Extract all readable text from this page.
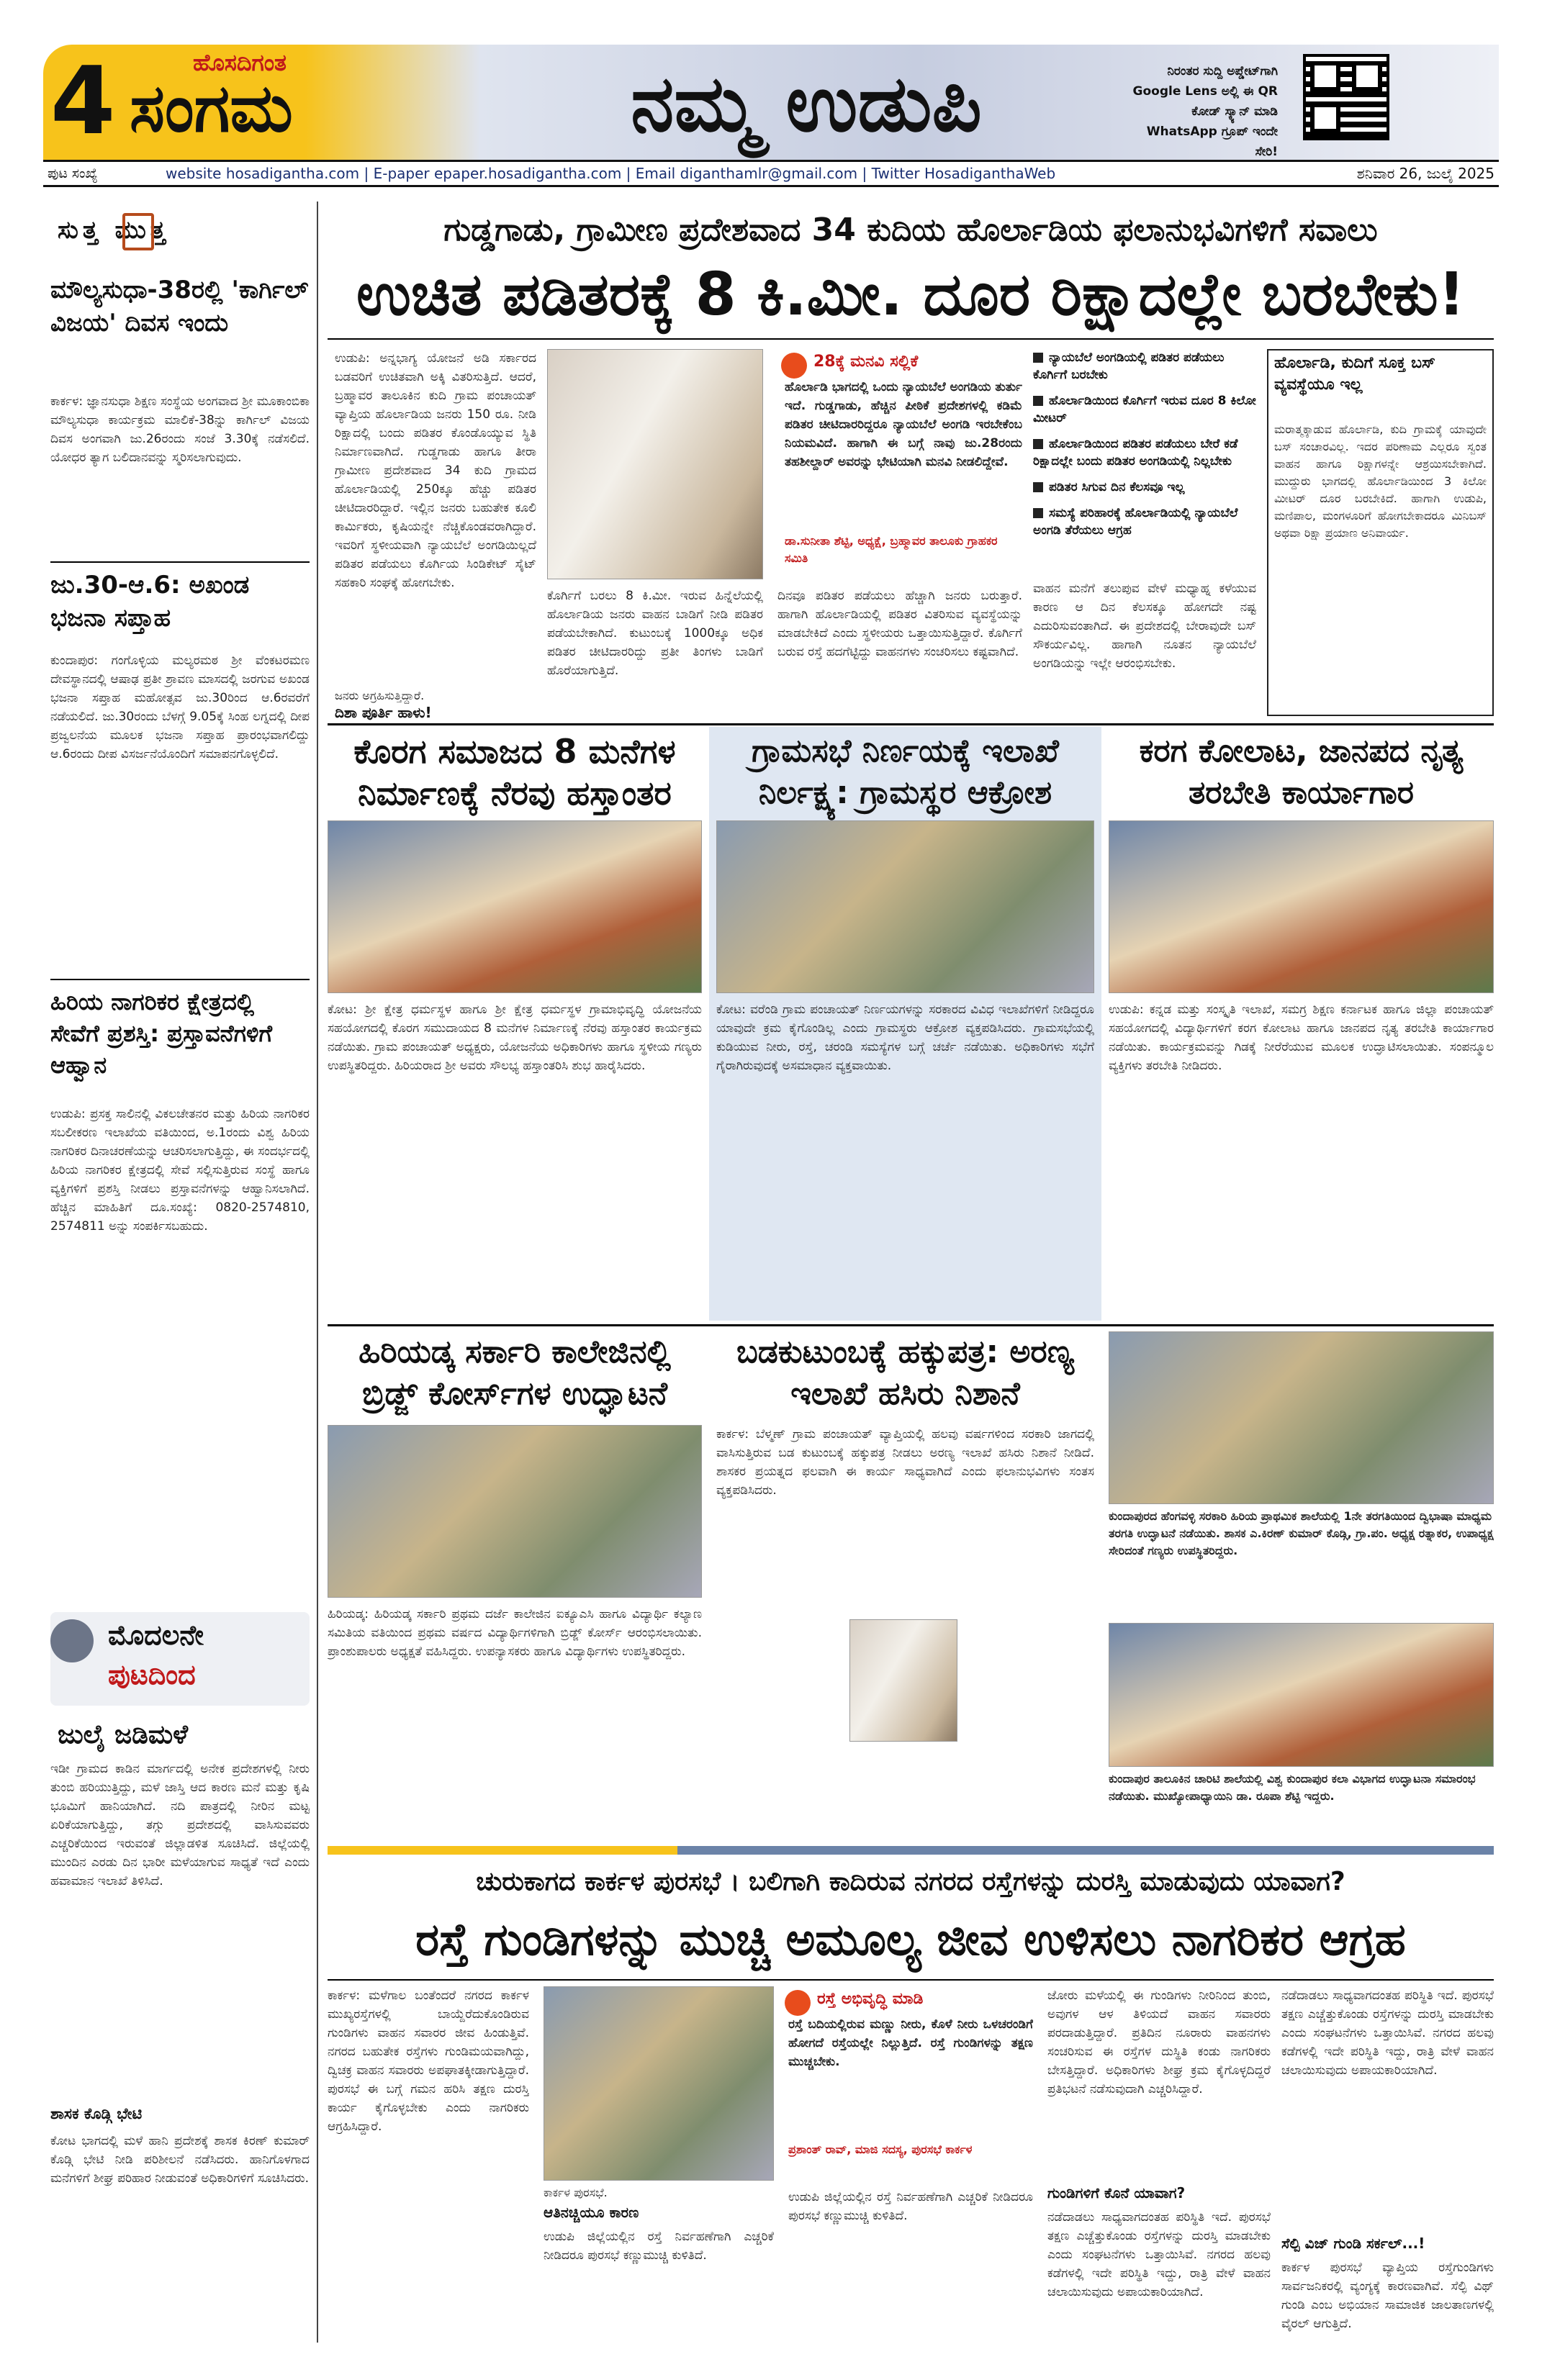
4	ಹೊಸದಿಗಂತ
ಸಂಗಮ	ನಮ್ಮ ಉಡುಪಿ	ನಿರಂತರ ಸುದ್ದಿ ಅಪ್ಡೇಟ್‌ಗಾಗಿ Google Lens ಅಲ್ಲಿ ಈ QR ಕೋಡ್ ಸ್ಕ್ಯಾನ್ ಮಾಡಿ WhatsApp ಗ್ರೂಪ್ ಇಂದೇ ಸೇರಿ!
ಪುಟ ಸಂಖ್ಯೆ	website hosadigantha.com | E-paper epaper.hosadigantha.com | Email diganthamlr@gmail.com | Twitter HosadiganthaWeb	ಶನಿವಾರ 26, ಜುಲೈ 2025
ಸುತ್ತ ಮುತ್ತ
ಮೌಲ್ಯಸುಧಾ-38ರಲ್ಲಿ 'ಕಾರ್ಗಿಲ್ ವಿಜಯ' ದಿವಸ ಇಂದು
ಕಾರ್ಕಳ: ಜ್ಞಾನಸುಧಾ ಶಿಕ್ಷಣ ಸಂಸ್ಥೆಯ ಅಂಗವಾದ ಶ್ರೀ ಮೂಕಾಂಬಿಕಾ ಮೌಲ್ಯಸುಧಾ ಕಾರ್ಯಕ್ರಮ ಮಾಲಿಕೆ-38ನ್ನು ಕಾರ್ಗಿಲ್ ವಿಜಯ ದಿವಸ ಅಂಗವಾಗಿ ಜು.26ರಂದು ಸಂಜೆ 3.30ಕ್ಕೆ ನಡೆಸಲಿದೆ. ಯೋಧರ ತ್ಯಾಗ ಬಲಿದಾನವನ್ನು ಸ್ಮರಿಸಲಾಗುವುದು.
ಜು.30-ಆ.6: ಅಖಂಡ ಭಜನಾ ಸಪ್ತಾಹ
ಕುಂದಾಪುರ: ಗಂಗೊಳ್ಳಿಯ ಮಲ್ಯರಮಠ ಶ್ರೀ ವೆಂಕಟರಮಣ ದೇವಸ್ಥಾನದಲ್ಲಿ ಆಷಾಢ ಪ್ರತೀ ಶ್ರಾವಣ ಮಾಸದಲ್ಲಿ ಜರಗುವ ಅಖಂಡ ಭಜನಾ ಸಪ್ತಾಹ ಮಹೋತ್ಸವ ಜು.30ರಿಂದ ಆ.6ರವರೆಗೆ ನಡೆಯಲಿದೆ. ಜು.30ರಂದು ಬೆಳಗ್ಗೆ 9.05ಕ್ಕೆ ಸಿಂಹ ಲಗ್ನದಲ್ಲಿ ದೀಪ ಪ್ರಜ್ವಲನೆಯ ಮೂಲಕ ಭಜನಾ ಸಪ್ತಾಹ ಪ್ರಾರಂಭವಾಗಲಿದ್ದು ಆ.6ರಂದು ದೀಪ ವಿಸರ್ಜನೆಯೊಂದಿಗೆ ಸಮಾಪನಗೊಳ್ಳಲಿದೆ.
ಹಿರಿಯ ನಾಗರಿಕರ ಕ್ಷೇತ್ರದಲ್ಲಿ ಸೇವೆಗೆ ಪ್ರಶಸ್ತಿ: ಪ್ರಸ್ತಾವನೆಗಳಿಗೆ ಆಹ್ವಾನ
ಉಡುಪಿ: ಪ್ರಸಕ್ತ ಸಾಲಿನಲ್ಲಿ ವಿಕಲಚೇತನರ ಮತ್ತು ಹಿರಿಯ ನಾಗರಿಕರ ಸಬಲೀಕರಣ ಇಲಾಖೆಯ ವತಿಯಿಂದ, ಅ.1ರಂದು ವಿಶ್ವ ಹಿರಿಯ ನಾಗರಿಕರ ದಿನಾಚರಣೆಯನ್ನು ಆಚರಿಸಲಾಗುತ್ತಿದ್ದು, ಈ ಸಂದರ್ಭದಲ್ಲಿ ಹಿರಿಯ ನಾಗರಿಕರ ಕ್ಷೇತ್ರದಲ್ಲಿ ಸೇವೆ ಸಲ್ಲಿಸುತ್ತಿರುವ ಸಂಸ್ಥೆ ಹಾಗೂ ವ್ಯಕ್ತಿಗಳಿಗೆ ಪ್ರಶಸ್ತಿ ನೀಡಲು ಪ್ರಸ್ತಾವನೆಗಳನ್ನು ಆಹ್ವಾನಿಸಲಾಗಿದೆ. ಹೆಚ್ಚಿನ ಮಾಹಿತಿಗೆ ದೂ.ಸಂಖ್ಯೆ: 0820-2574810, 2574811 ಅನ್ನು ಸಂಪರ್ಕಿಸಬಹುದು.
ಮೊದಲನೇ
ಪುಟದಿಂದ
ಜುಲೈ ಜಡಿಮಳೆ
ಇಡೀ ಗ್ರಾಮದ ಕಾಡಿನ ಮಾರ್ಗದಲ್ಲಿ ಅನೇಕ ಪ್ರದೇಶಗಳಲ್ಲಿ ನೀರು ತುಂಬಿ ಹರಿಯುತ್ತಿದ್ದು, ಮಳೆ ಜಾಸ್ತಿ ಆದ ಕಾರಣ ಮನೆ ಮತ್ತು ಕೃಷಿ ಭೂಮಿಗೆ ಹಾನಿಯಾಗಿದೆ. ನದಿ ಪಾತ್ರದಲ್ಲಿ ನೀರಿನ ಮಟ್ಟ ಏರಿಕೆಯಾಗುತ್ತಿದ್ದು, ತಗ್ಗು ಪ್ರದೇಶದಲ್ಲಿ ವಾಸಿಸುವವರು ಎಚ್ಚರಿಕೆಯಿಂದ ಇರುವಂತೆ ಜಿಲ್ಲಾಡಳಿತ ಸೂಚಿಸಿದೆ. ಜಿಲ್ಲೆಯಲ್ಲಿ ಮುಂದಿನ ಎರಡು ದಿನ ಭಾರೀ ಮಳೆಯಾಗುವ ಸಾಧ್ಯತೆ ಇದೆ ಎಂದು ಹವಾಮಾನ ಇಲಾಖೆ ತಿಳಿಸಿದೆ.
ಶಾಸಕ ಕೊಡ್ಗಿ ಭೇಟಿ
ಕೋಟ ಭಾಗದಲ್ಲಿ ಮಳೆ ಹಾನಿ ಪ್ರದೇಶಕ್ಕೆ ಶಾಸಕ ಕಿರಣ್ ಕುಮಾರ್ ಕೊಡ್ಗಿ ಭೇಟಿ ನೀಡಿ ಪರಿಶೀಲನೆ ನಡೆಸಿದರು. ಹಾನಿಗೊಳಗಾದ ಮನೆಗಳಿಗೆ ಶೀಘ್ರ ಪರಿಹಾರ ನೀಡುವಂತೆ ಅಧಿಕಾರಿಗಳಿಗೆ ಸೂಚಿಸಿದರು.
ಗುಡ್ಡಗಾಡು, ಗ್ರಾಮೀಣ ಪ್ರದೇಶವಾದ 34 ಕುದಿಯ ಹೊರ್ಲಾಡಿಯ ಫಲಾನುಭವಿಗಳಿಗೆ ಸವಾಲು
ಉಚಿತ ಪಡಿತರಕ್ಕೆ 8 ಕಿ.ಮೀ. ದೂರ ರಿಕ್ಷಾದಲ್ಲೇ ಬರಬೇಕು!
ಉಡುಪಿ: ಅನ್ನಭಾಗ್ಯ ಯೋಜನೆ ಅಡಿ ಸರ್ಕಾರದ ಬಡವರಿಗೆ ಉಚಿತವಾಗಿ ಅಕ್ಕಿ ವಿತರಿಸುತ್ತಿದೆ. ಆದರೆ, ಬ್ರಹ್ಮಾವರ ತಾಲೂಕಿನ ಕುದಿ ಗ್ರಾಮ ಪಂಚಾಯತ್ ವ್ಯಾಪ್ತಿಯ ಹೊರ್ಲಾಡಿಯ ಜನರು 150 ರೂ. ನೀಡಿ ರಿಕ್ಷಾದಲ್ಲಿ ಬಂದು ಪಡಿತರ ಕೊಂಡೊಯ್ಯುವ ಸ್ಥಿತಿ ನಿರ್ಮಾಣವಾಗಿದೆ. ಗುಡ್ಡಗಾಡು ಹಾಗೂ ತೀರಾ ಗ್ರಾಮೀಣ ಪ್ರದೇಶವಾದ 34 ಕುದಿ ಗ್ರಾಮದ ಹೊರ್ಲಾಡಿಯಲ್ಲಿ 250ಕ್ಕೂ ಹೆಚ್ಚು ಪಡಿತರ ಚೀಟಿದಾರರಿದ್ದಾರೆ. ಇಲ್ಲಿನ ಜನರು ಬಹುತೇಕ ಕೂಲಿ ಕಾರ್ಮಿಕರು, ಕೃಷಿಯನ್ನೇ ನೆಚ್ಚಿಕೊಂಡವರಾಗಿದ್ದಾರೆ. ಇವರಿಗೆ ಸ್ಥಳೀಯವಾಗಿ ನ್ಯಾಯಬೆಲೆ ಅಂಗಡಿಯಿಲ್ಲದೆ ಪಡಿತರ ಪಡೆಯಲು ಕೊರ್ಗಿಯ ಸಿಂಡಿಕೇಟ್ ಸೈಟ್ ಸಹಕಾರಿ ಸಂಘಕ್ಕೆ ಹೋಗಬೇಕು.
ಕೊರ್ಗಿಗೆ ಬರಲು 8 ಕಿ.ಮೀ. ಇರುವ ಹಿನ್ನೆಲೆಯಲ್ಲಿ ಹೊರ್ಲಾಡಿಯ ಜನರು ವಾಹನ ಬಾಡಿಗೆ ನೀಡಿ ಪಡಿತರ ಪಡೆಯಬೇಕಾಗಿದೆ. ಕುಟುಂಬಕ್ಕೆ 1000ಕ್ಕೂ ಅಧಿಕ ಪಡಿತರ ಚೀಟಿದಾರರಿದ್ದು ಪ್ರತೀ ತಿಂಗಳು ಬಾಡಿಗೆ ಹೊರೆಯಾಗುತ್ತಿದೆ.
ಜನರು ಅಗ್ರಹಿಸುತ್ತಿದ್ದಾರೆ.
ದಿಶಾ ಪೂರ್ತಿ ಹಾಳು!
28ಕ್ಕೆ ಮನವಿ ಸಲ್ಲಿಕೆ
ಹೊರ್ಲಾಡಿ ಭಾಗದಲ್ಲಿ ಒಂದು ನ್ಯಾಯಬೆಲೆ ಅಂಗಡಿಯ ತುರ್ತು ಇದೆ. ಗುಡ್ಡಗಾಡು, ಹೆಚ್ಚಿನ ಪೀಠಿಕೆ ಪ್ರದೇಶಗಳಲ್ಲಿ ಕಡಿಮೆ ಪಡಿತರ ಚೀಟಿದಾರರಿದ್ದರೂ ನ್ಯಾಯಬೆಲೆ ಅಂಗಡಿ ಇರಬೇಕೆಂಬ ನಿಯಮವಿದೆ. ಹಾಗಾಗಿ ಈ ಬಗ್ಗೆ ನಾವು ಜು.28ರಂದು ತಹಶೀಲ್ದಾರ್ ಅವರನ್ನು ಭೇಟಿಯಾಗಿ ಮನವಿ ನೀಡಲಿದ್ದೇವೆ.
ಡಾ.ಸುನೀತಾ ಶೆಟ್ಟಿ, ಅಧ್ಯಕ್ಷೆ, ಬ್ರಹ್ಮಾವರ ತಾಲೂಕು ಗ್ರಾಹಕರ ಸಮಿತಿ
ದಿನವೂ ಪಡಿತರ ಪಡೆಯಲು ಹೆಚ್ಚಾಗಿ ಜನರು ಬರುತ್ತಾರೆ. ಹಾಗಾಗಿ ಹೊರ್ಲಾಡಿಯಲ್ಲಿ ಪಡಿತರ ವಿತರಿಸುವ ವ್ಯವಸ್ಥೆಯನ್ನು ಮಾಡಬೇಕಿದೆ ಎಂದು ಸ್ಥಳೀಯರು ಒತ್ತಾಯಿಸುತ್ತಿದ್ದಾರೆ. ಕೊರ್ಗಿಗೆ ಬರುವ ರಸ್ತೆ ಹದಗೆಟ್ಟಿದ್ದು ವಾಹನಗಳು ಸಂಚರಿಸಲು ಕಷ್ಟವಾಗಿದೆ.
ನ್ಯಾಯಬೆಲೆ ಅಂಗಡಿಯಲ್ಲಿ ಪಡಿತರ ಪಡೆಯಲು ಕೊರ್ಗಿಗೆ ಬರಬೇಕು
ಹೊರ್ಲಾಡಿಯಿಂದ ಕೊರ್ಗಿಗೆ ಇರುವ ದೂರ 8 ಕಿಲೋ ಮೀಟರ್
ಹೊರ್ಲಾಡಿಯಿಂದ ಪಡಿತರ ಪಡೆಯಲು ಬೇರೆ ಕಡೆ ರಿಕ್ಷಾದಲ್ಲೇ ಬಂದು ಪಡಿತರ ಅಂಗಡಿಯಲ್ಲಿ ನಿಲ್ಲಬೇಕು
ಪಡಿತರ ಸಿಗುವ ದಿನ ಕೆಲಸವೂ ಇಲ್ಲ
ಸಮಸ್ಯೆ ಪರಿಹಾರಕ್ಕೆ ಹೊರ್ಲಾಡಿಯಲ್ಲಿ ನ್ಯಾಯಬೆಲೆ ಅಂಗಡಿ ತೆರೆಯಲು ಆಗ್ರಹ
ವಾಹನ ಮನೆಗೆ ತಲುಪುವ ವೇಳೆ ಮಧ್ಯಾಹ್ನ ಕಳೆಯುವ ಕಾರಣ ಆ ದಿನ ಕೆಲಸಕ್ಕೂ ಹೋಗದೇ ನಷ್ಟ ಎದುರಿಸುವಂತಾಗಿದೆ. ಈ ಪ್ರದೇಶದಲ್ಲಿ ಬೇರಾವುದೇ ಬಸ್ ಸೌಕರ್ಯವಿಲ್ಲ. ಹಾಗಾಗಿ ನೂತನ ನ್ಯಾಯಬೆಲೆ ಅಂಗಡಿಯನ್ನು ಇಲ್ಲೇ ಆರಂಭಿಸಬೇಕು.
ಹೊರ್ಲಾಡಿ, ಕುದಿಗೆ ಸೂಕ್ತ ಬಸ್ ವ್ಯವಸ್ಥೆಯೂ ಇಲ್ಲ
ಮರಾತ್ಮಕ್ಕಾಡುವ ಹೊರ್ಲಾಡಿ, ಕುದಿ ಗ್ರಾಮಕ್ಕೆ ಯಾವುದೇ ಬಸ್ ಸಂಚಾರವಿಲ್ಲ. ಇದರ ಪರಿಣಾಮ ಎಲ್ಲರೂ ಸ್ವಂತ ವಾಹನ ಹಾಗೂ ರಿಕ್ಷಾಗಳನ್ನೇ ಆಶ್ರಯಿಸಬೇಕಾಗಿದೆ. ಮುದ್ದುರು ಭಾಗದಲ್ಲಿ ಹೊರ್ಲಾಡಿಯಿಂದ 3 ಕಿಲೋ ಮೀಟರ್ ದೂರ ಬರಬೇಕಿದೆ. ಹಾಗಾಗಿ ಉಡುಪಿ, ಮಣಿಪಾಲ, ಮಂಗಳೂರಿಗೆ ಹೋಗಬೇಕಾದರೂ ಮಿನಿಬಸ್ ಅಥವಾ ರಿಕ್ಷಾ ಪ್ರಯಾಣ ಅನಿವಾರ್ಯ.
ಕೊರಗ ಸಮಾಜದ 8 ಮನೆಗಳ ನಿರ್ಮಾಣಕ್ಕೆ ನೆರವು ಹಸ್ತಾಂತರ
ಕೋಟ: ಶ್ರೀ ಕ್ಷೇತ್ರ ಧರ್ಮಸ್ಥಳ ಹಾಗೂ ಶ್ರೀ ಕ್ಷೇತ್ರ ಧರ್ಮಸ್ಥಳ ಗ್ರಾಮಾಭಿವೃದ್ಧಿ ಯೋಜನೆಯ ಸಹಯೋಗದಲ್ಲಿ ಕೊರಗ ಸಮುದಾಯದ 8 ಮನೆಗಳ ನಿರ್ಮಾಣಕ್ಕೆ ನೆರವು ಹಸ್ತಾಂತರ ಕಾರ್ಯಕ್ರಮ ನಡೆಯಿತು. ಗ್ರಾಮ ಪಂಚಾಯತ್ ಅಧ್ಯಕ್ಷರು, ಯೋಜನೆಯ ಅಧಿಕಾರಿಗಳು ಹಾಗೂ ಸ್ಥಳೀಯ ಗಣ್ಯರು ಉಪಸ್ಥಿತರಿದ್ದರು. ಹಿರಿಯರಾದ ಶ್ರೀ ಅವರು ಸೌಲಭ್ಯ ಹಸ್ತಾಂತರಿಸಿ ಶುಭ ಹಾರೈಸಿದರು.
ಗ್ರಾಮಸಭೆ ನಿರ್ಣಯಕ್ಕೆ ಇಲಾಖೆ ನಿರ್ಲಕ್ಷ್ಯ: ಗ್ರಾಮಸ್ಥರ ಆಕ್ರೋಶ
ಕೋಟ: ವರೆಂಡಿ ಗ್ರಾಮ ಪಂಚಾಯತ್ ನಿರ್ಣಯಗಳನ್ನು ಸರಕಾರದ ವಿವಿಧ ಇಲಾಖೆಗಳಿಗೆ ನೀಡಿದ್ದರೂ ಯಾವುದೇ ಕ್ರಮ ಕೈಗೊಂಡಿಲ್ಲ ಎಂದು ಗ್ರಾಮಸ್ಥರು ಆಕ್ರೋಶ ವ್ಯಕ್ತಪಡಿಸಿದರು. ಗ್ರಾಮಸಭೆಯಲ್ಲಿ ಕುಡಿಯುವ ನೀರು, ರಸ್ತೆ, ಚರಂಡಿ ಸಮಸ್ಯೆಗಳ ಬಗ್ಗೆ ಚರ್ಚೆ ನಡೆಯಿತು. ಅಧಿಕಾರಿಗಳು ಸಭೆಗೆ ಗೈರಾಗಿರುವುದಕ್ಕೆ ಅಸಮಾಧಾನ ವ್ಯಕ್ತವಾಯಿತು.
ಕರಗ ಕೋಲಾಟ, ಜಾನಪದ ನೃತ್ಯ ತರಬೇತಿ ಕಾರ್ಯಾಗಾರ
ಉಡುಪಿ: ಕನ್ನಡ ಮತ್ತು ಸಂಸ್ಕೃತಿ ಇಲಾಖೆ, ಸಮಗ್ರ ಶಿಕ್ಷಣ ಕರ್ನಾಟಕ ಹಾಗೂ ಜಿಲ್ಲಾ ಪಂಚಾಯತ್ ಸಹಯೋಗದಲ್ಲಿ ವಿದ್ಯಾರ್ಥಿಗಳಿಗೆ ಕರಗ ಕೋಲಾಟ ಹಾಗೂ ಜಾನಪದ ನೃತ್ಯ ತರಬೇತಿ ಕಾರ್ಯಾಗಾರ ನಡೆಯಿತು. ಕಾರ್ಯಕ್ರಮವನ್ನು ಗಿಡಕ್ಕೆ ನೀರೆರೆಯುವ ಮೂಲಕ ಉದ್ಘಾಟಿಸಲಾಯಿತು. ಸಂಪನ್ಮೂಲ ವ್ಯಕ್ತಿಗಳು ತರಬೇತಿ ನೀಡಿದರು.
ಹಿರಿಯಡ್ಕ ಸರ್ಕಾರಿ ಕಾಲೇಜಿನಲ್ಲಿ ಬ್ರಿಡ್ಜ್ ಕೋರ್ಸ್‌ಗಳ ಉದ್ಘಾಟನೆ
ಹಿರಿಯಡ್ಕ: ಹಿರಿಯಡ್ಕ ಸರ್ಕಾರಿ ಪ್ರಥಮ ದರ್ಜೆ ಕಾಲೇಜಿನ ಐಕ್ಯೂಎಸಿ ಹಾಗೂ ವಿದ್ಯಾರ್ಥಿ ಕಲ್ಯಾಣ ಸಮಿತಿಯ ವತಿಯಿಂದ ಪ್ರಥಮ ವರ್ಷದ ವಿದ್ಯಾರ್ಥಿಗಳಿಗಾಗಿ ಬ್ರಿಡ್ಜ್ ಕೋರ್ಸ್ ಆರಂಭಿಸಲಾಯಿತು. ಪ್ರಾಂಶುಪಾಲರು ಅಧ್ಯಕ್ಷತೆ ವಹಿಸಿದ್ದರು. ಉಪನ್ಯಾಸಕರು ಹಾಗೂ ವಿದ್ಯಾರ್ಥಿಗಳು ಉಪಸ್ಥಿತರಿದ್ದರು.
ಬಡಕುಟುಂಬಕ್ಕೆ ಹಕ್ಕುಪತ್ರ: ಅರಣ್ಯ ಇಲಾಖೆ ಹಸಿರು ನಿಶಾನೆ
ಕಾರ್ಕಳ: ಬೆಳ್ಮಣ್ ಗ್ರಾಮ ಪಂಚಾಯತ್ ವ್ಯಾಪ್ತಿಯಲ್ಲಿ ಹಲವು ವರ್ಷಗಳಿಂದ ಸರಕಾರಿ ಜಾಗದಲ್ಲಿ ವಾಸಿಸುತ್ತಿರುವ ಬಡ ಕುಟುಂಬಕ್ಕೆ ಹಕ್ಕುಪತ್ರ ನೀಡಲು ಅರಣ್ಯ ಇಲಾಖೆ ಹಸಿರು ನಿಶಾನೆ ನೀಡಿದೆ. ಶಾಸಕರ ಪ್ರಯತ್ನದ ಫಲವಾಗಿ ಈ ಕಾರ್ಯ ಸಾಧ್ಯವಾಗಿದೆ ಎಂದು ಫಲಾನುಭವಿಗಳು ಸಂತಸ ವ್ಯಕ್ತಪಡಿಸಿದರು.
ಕುಂದಾಪುರದ ಹೆಂಗವಳ್ಳಿ ಸರಕಾರಿ ಹಿರಿಯ ಪ್ರಾಥಮಿಕ ಶಾಲೆಯಲ್ಲಿ 1ನೇ ತರಗತಿಯಿಂದ ದ್ವಿಭಾಷಾ ಮಾಧ್ಯಮ ತರಗತಿ ಉದ್ಘಾಟನೆ ನಡೆಯಿತು. ಶಾಸಕ ಎ.ಕಿರಣ್ ಕುಮಾರ್ ಕೊಡ್ಗಿ, ಗ್ರಾ.ಪಂ. ಅಧ್ಯಕ್ಷ ರತ್ನಾಕರ, ಉಪಾಧ್ಯಕ್ಷ ಸೇರಿದಂತೆ ಗಣ್ಯರು ಉಪಸ್ಥಿತರಿದ್ದರು.
ಕುಂದಾಪುರ ತಾಲೂಕಿನ ಚಾರಿಟಿ ಶಾಲೆಯಲ್ಲಿ ವಿಶ್ವ ಕುಂದಾಪುರ ಕಲಾ ವಿಭಾಗದ ಉದ್ಘಾಟನಾ ಸಮಾರಂಭ ನಡೆಯಿತು. ಮುಖ್ಯೋಪಾಧ್ಯಾಯಿನಿ ಡಾ. ರೂಪಾ ಶೆಟ್ಟಿ ಇದ್ದರು.
ಚುರುಕಾಗದ ಕಾರ್ಕಳ ಪುರಸಭೆ । ಬಲಿಗಾಗಿ ಕಾದಿರುವ ನಗರದ ರಸ್ತೆಗಳನ್ನು ದುರಸ್ತಿ ಮಾಡುವುದು ಯಾವಾಗ?
ರಸ್ತೆ ಗುಂಡಿಗಳನ್ನು ಮುಚ್ಚಿ ಅಮೂಲ್ಯ ಜೀವ ಉಳಿಸಲು ನಾಗರಿಕರ ಆಗ್ರಹ
ಕಾರ್ಕಳ: ಮಳೆಗಾಲ ಬಂತೆಂದರೆ ನಗರದ ಕಾರ್ಕಳ ಮುಖ್ಯರಸ್ತೆಗಳಲ್ಲಿ ಬಾಯ್ದೆರೆದುಕೊಂಡಿರುವ ಗುಂಡಿಗಳು ವಾಹನ ಸವಾರರ ಜೀವ ಹಿಂಡುತ್ತಿವೆ. ನಗರದ ಬಹುತೇಕ ರಸ್ತೆಗಳು ಗುಂಡಿಮಯವಾಗಿದ್ದು, ದ್ವಿಚಕ್ರ ವಾಹನ ಸವಾರರು ಅಪಘಾತಕ್ಕೀಡಾಗುತ್ತಿದ್ದಾರೆ. ಪುರಸಭೆ ಈ ಬಗ್ಗೆ ಗಮನ ಹರಿಸಿ ತಕ್ಷಣ ದುರಸ್ತಿ ಕಾರ್ಯ ಕೈಗೊಳ್ಳಬೇಕು ಎಂದು ನಾಗರಿಕರು ಆಗ್ರಹಿಸಿದ್ದಾರೆ.
ಕಾರ್ಕಳ ಪುರಸಭೆ.
ಆತಿನಚ್ಚಿಯೂ ಕಾರಣ
ಉಡುಪಿ ಜಿಲ್ಲೆಯಲ್ಲಿನ ರಸ್ತೆ ನಿರ್ವಹಣೆಗಾಗಿ ಎಚ್ಚರಿಕೆ ನೀಡಿದರೂ ಪುರಸಭೆ ಕಣ್ಣುಮುಚ್ಚಿ ಕುಳಿತಿದೆ.
ರಸ್ತೆ ಅಭಿವೃದ್ಧಿ ಮಾಡಿ
ರಸ್ತೆ ಬದಿಯಲ್ಲಿರುವ ಮಣ್ಣು ನೀರು, ಕೊಳೆ ನೀರು ಒಳಚರಂಡಿಗೆ ಹೋಗದೆ ರಸ್ತೆಯಲ್ಲೇ ನಿಲ್ಲುತ್ತಿದೆ. ರಸ್ತೆ ಗುಂಡಿಗಳನ್ನು ತಕ್ಷಣ ಮುಚ್ಚಬೇಕು.
ಪ್ರಶಾಂತ್ ರಾವ್, ಮಾಜಿ ಸದಸ್ಯ, ಪುರಸಭೆ ಕಾರ್ಕಳ
ಉಡುಪಿ ಜಿಲ್ಲೆಯಲ್ಲಿನ ರಸ್ತೆ ನಿರ್ವಹಣೆಗಾಗಿ ಎಚ್ಚರಿಕೆ ನೀಡಿದರೂ ಪುರಸಭೆ ಕಣ್ಣುಮುಚ್ಚಿ ಕುಳಿತಿದೆ.
ಜೋರು ಮಳೆಯಲ್ಲಿ ಈ ಗುಂಡಿಗಳು ನೀರಿನಿಂದ ತುಂಬಿ, ಅವುಗಳ ಆಳ ತಿಳಿಯದೆ ವಾಹನ ಸವಾರರು ಪರದಾಡುತ್ತಿದ್ದಾರೆ. ಪ್ರತಿದಿನ ನೂರಾರು ವಾಹನಗಳು ಸಂಚರಿಸುವ ಈ ರಸ್ತೆಗಳ ದುಸ್ಥಿತಿ ಕಂಡು ನಾಗರಿಕರು ಬೇಸತ್ತಿದ್ದಾರೆ. ಅಧಿಕಾರಿಗಳು ಶೀಘ್ರ ಕ್ರಮ ಕೈಗೊಳ್ಳದಿದ್ದರೆ ಪ್ರತಿಭಟನೆ ನಡೆಸುವುದಾಗಿ ಎಚ್ಚರಿಸಿದ್ದಾರೆ.
ಗುಂಡಿಗಳಿಗೆ ಕೊನೆ ಯಾವಾಗ?
ನಡೆದಾಡಲು ಸಾಧ್ಯವಾಗದಂತಹ ಪರಿಸ್ಥಿತಿ ಇದೆ. ಪುರಸಭೆ ತಕ್ಷಣ ಎಚ್ಚೆತ್ತುಕೊಂಡು ರಸ್ತೆಗಳನ್ನು ದುರಸ್ತಿ ಮಾಡಬೇಕು ಎಂದು ಸಂಘಟನೆಗಳು ಒತ್ತಾಯಿಸಿವೆ. ನಗರದ ಹಲವು ಕಡೆಗಳಲ್ಲಿ ಇದೇ ಪರಿಸ್ಥಿತಿ ಇದ್ದು, ರಾತ್ರಿ ವೇಳೆ ವಾಹನ ಚಲಾಯಿಸುವುದು ಅಪಾಯಕಾರಿಯಾಗಿದೆ.
ನಡೆದಾಡಲು ಸಾಧ್ಯವಾಗದಂತಹ ಪರಿಸ್ಥಿತಿ ಇದೆ. ಪುರಸಭೆ ತಕ್ಷಣ ಎಚ್ಚೆತ್ತುಕೊಂಡು ರಸ್ತೆಗಳನ್ನು ದುರಸ್ತಿ ಮಾಡಬೇಕು ಎಂದು ಸಂಘಟನೆಗಳು ಒತ್ತಾಯಿಸಿವೆ. ನಗರದ ಹಲವು ಕಡೆಗಳಲ್ಲಿ ಇದೇ ಪರಿಸ್ಥಿತಿ ಇದ್ದು, ರಾತ್ರಿ ವೇಳೆ ವಾಹನ ಚಲಾಯಿಸುವುದು ಅಪಾಯಕಾರಿಯಾಗಿದೆ.
ಸೆಲ್ಪಿ ವಿಜ್ ಗುಂಡಿ ಸರ್ಕಲ್...!
ಕಾರ್ಕಳ ಪುರಸಭೆ ವ್ಯಾಪ್ತಿಯ ರಸ್ತೆಗುಂಡಿಗಳು ಸಾರ್ವಜನಿಕರಲ್ಲಿ ವ್ಯಂಗ್ಯಕ್ಕೆ ಕಾರಣವಾಗಿವೆ. ಸೆಲ್ಫಿ ವಿಥ್ ಗುಂಡಿ ಎಂಬ ಅಭಿಯಾನ ಸಾಮಾಜಿಕ ಜಾಲತಾಣಗಳಲ್ಲಿ ವೈರಲ್ ಆಗುತ್ತಿದೆ.
